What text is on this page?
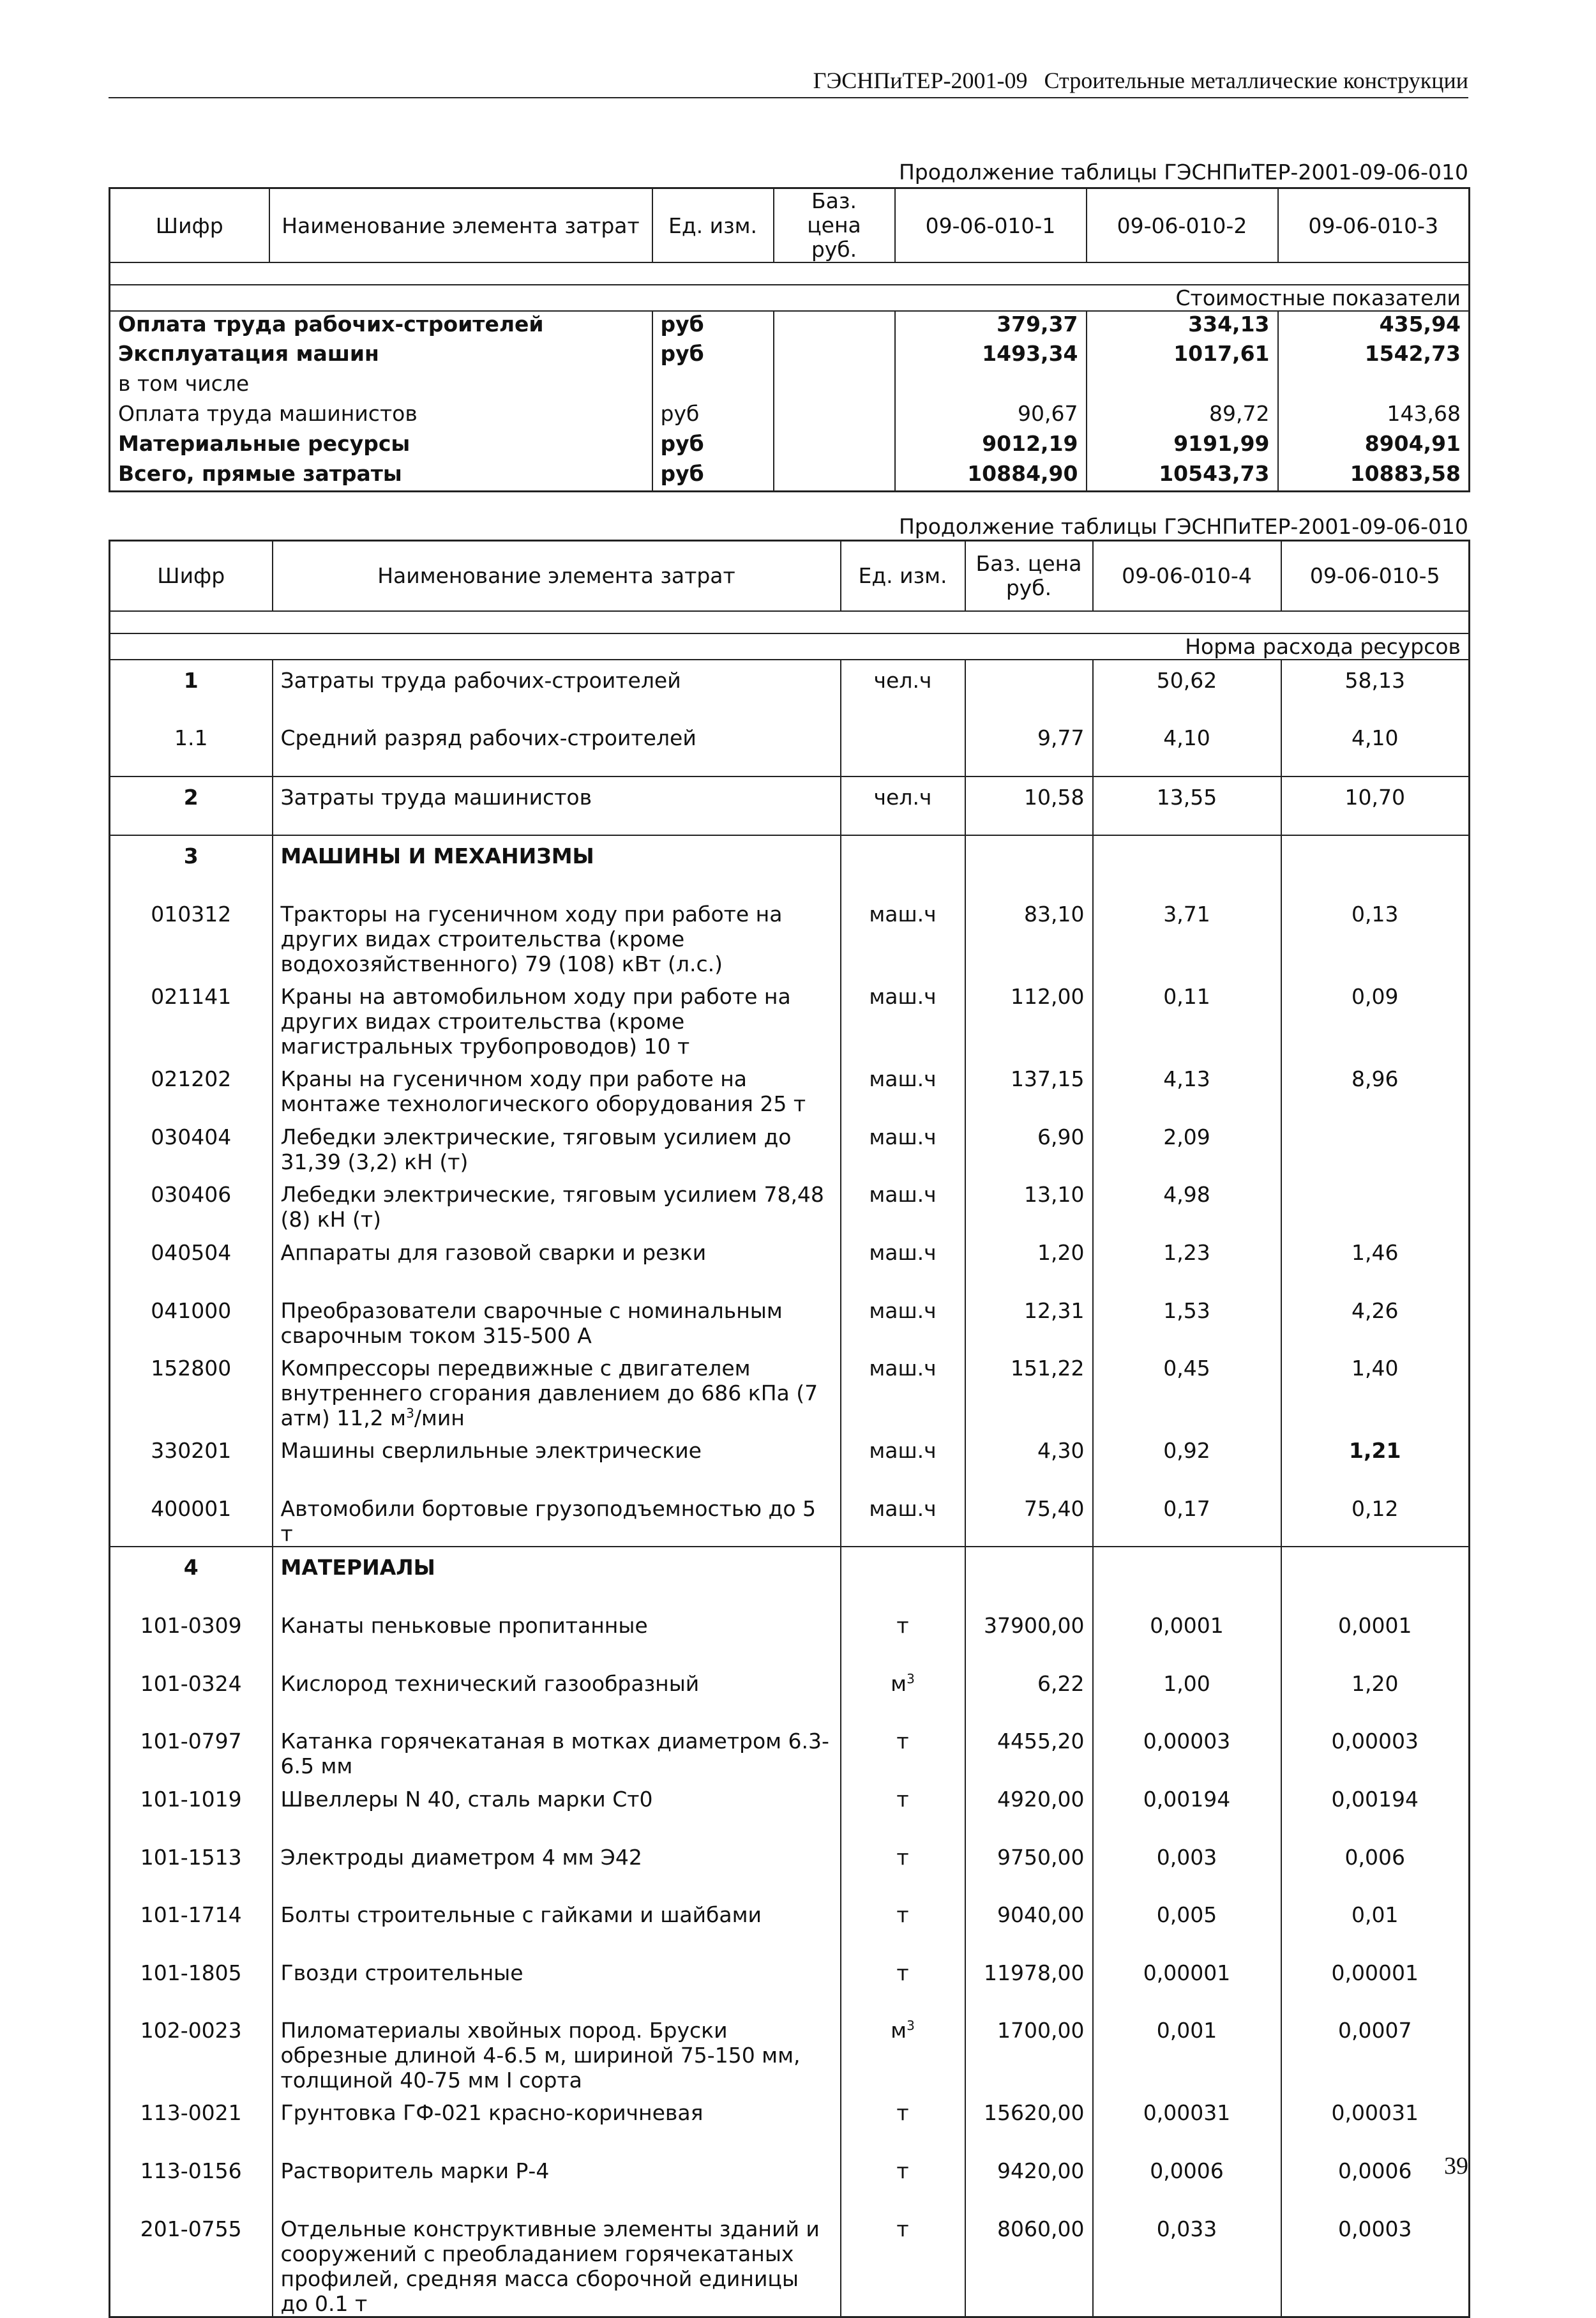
ГЭСНПиТЕР-2001-09 Строительные металлические конструкции
Продолжение таблицы ГЭСНПиТЕР-2001-09-06-010
Шифр	Наименование элемента затрат	Ед. изм.	Баз. цена руб.	09-06-010-1	09-06-010-2	09-06-010-3

Стоимостные показатели						
Оплата труда рабочих-строителей		руб		379,37	334,13	435,94
Эксплуатация машин		руб		1493,34	1017,61	1542,73
в том числе						
Оплата труда машинистов		руб		90,67	89,72	143,68
Материальные ресурсы		руб		9012,19	9191,99	8904,91
Всего, прямые затраты		руб		10884,90	10543,73	10883,58
Продолжение таблицы ГЭСНПиТЕР-2001-09-06-010
Шифр	Наименование элемента затрат	Ед. изм.	Баз. цена руб.	09-06-010-4	09-06-010-5

Норма расхода ресурсов					
1	Затраты труда рабочих-строителей	чел.ч		50,62	58,13
1.1	Средний разряд рабочих-строителей		9,77	4,10	4,10
2	Затраты труда машинистов	чел.ч	10,58	13,55	10,70
3	МАШИНЫ И МЕХАНИЗМЫ				
010312	Тракторы на гусеничном ходу при работе на других видах строительства (кроме водохозяйственного) 79 (108) кВт (л.с.)	маш.ч	83,10	3,71	0,13
021141	Краны на автомобильном ходу при работе на других видах строительства (кроме магистральных трубопроводов) 10 т	маш.ч	112,00	0,11	0,09
021202	Краны на гусеничном ходу при работе на монтаже технологического оборудования 25 т	маш.ч	137,15	4,13	8,96
030404	Лебедки электрические, тяговым усилием до 31,39 (3,2) кН (т)	маш.ч	6,90	2,09	
030406	Лебедки электрические, тяговым усилием 78,48 (8) кН (т)	маш.ч	13,10	4,98	
040504	Аппараты для газовой сварки и резки	маш.ч	1,20	1,23	1,46
041000	Преобразователи сварочные с номинальным сварочным током 315-500 А	маш.ч	12,31	1,53	4,26
152800	Компрессоры передвижные с двигателем внутреннего сгорания давлением до 686 кПа (7 атм) 11,2 $м^3$/мин	маш.ч	151,22	0,45	1,40
330201	Машины сверлильные электрические	маш.ч	4,30	0,92	1,21
400001	Автомобили бортовые грузоподъемностью до 5 т	маш.ч	75,40	0,17	0,12
4	МАТЕРИАЛЫ				
101-0309	Канаты пеньковые пропитанные	т	37900,00	0,0001	0,0001
101-0324	Кислород технический газообразный	$м^3$	6,22	1,00	1,20
101-0797	Катанка горячекатаная в мотках диаметром 6.3-6.5 мм	т	4455,20	0,00003	0,00003
101-1019	Швеллеры N 40, сталь марки Ст0	т	4920,00	0,00194	0,00194
101-1513	Электроды диаметром 4 мм Э42	т	9750,00	0,003	0,006
101-1714	Болты строительные с гайками и шайбами	т	9040,00	0,005	0,01
101-1805	Гвозди строительные	т	11978,00	0,00001	0,00001
102-0023	Пиломатериалы хвойных пород. Бруски обрезные длиной 4-6.5 м, шириной 75-150 мм, толщиной 40-75 мм I сорта	$м^3$	1700,00	0,001	0,0007
113-0021	Грунтовка ГФ-021 красно-коричневая	т	15620,00	0,00031	0,00031
113-0156	Растворитель марки Р-4	т	9420,00	0,0006	0,0006
201-0755	Отдельные конструктивные элементы зданий и сооружений с преобладанием горячекатаных профилей, средняя масса сборочной единицы до 0.1 т	т	8060,00	0,033	0,0003
39
